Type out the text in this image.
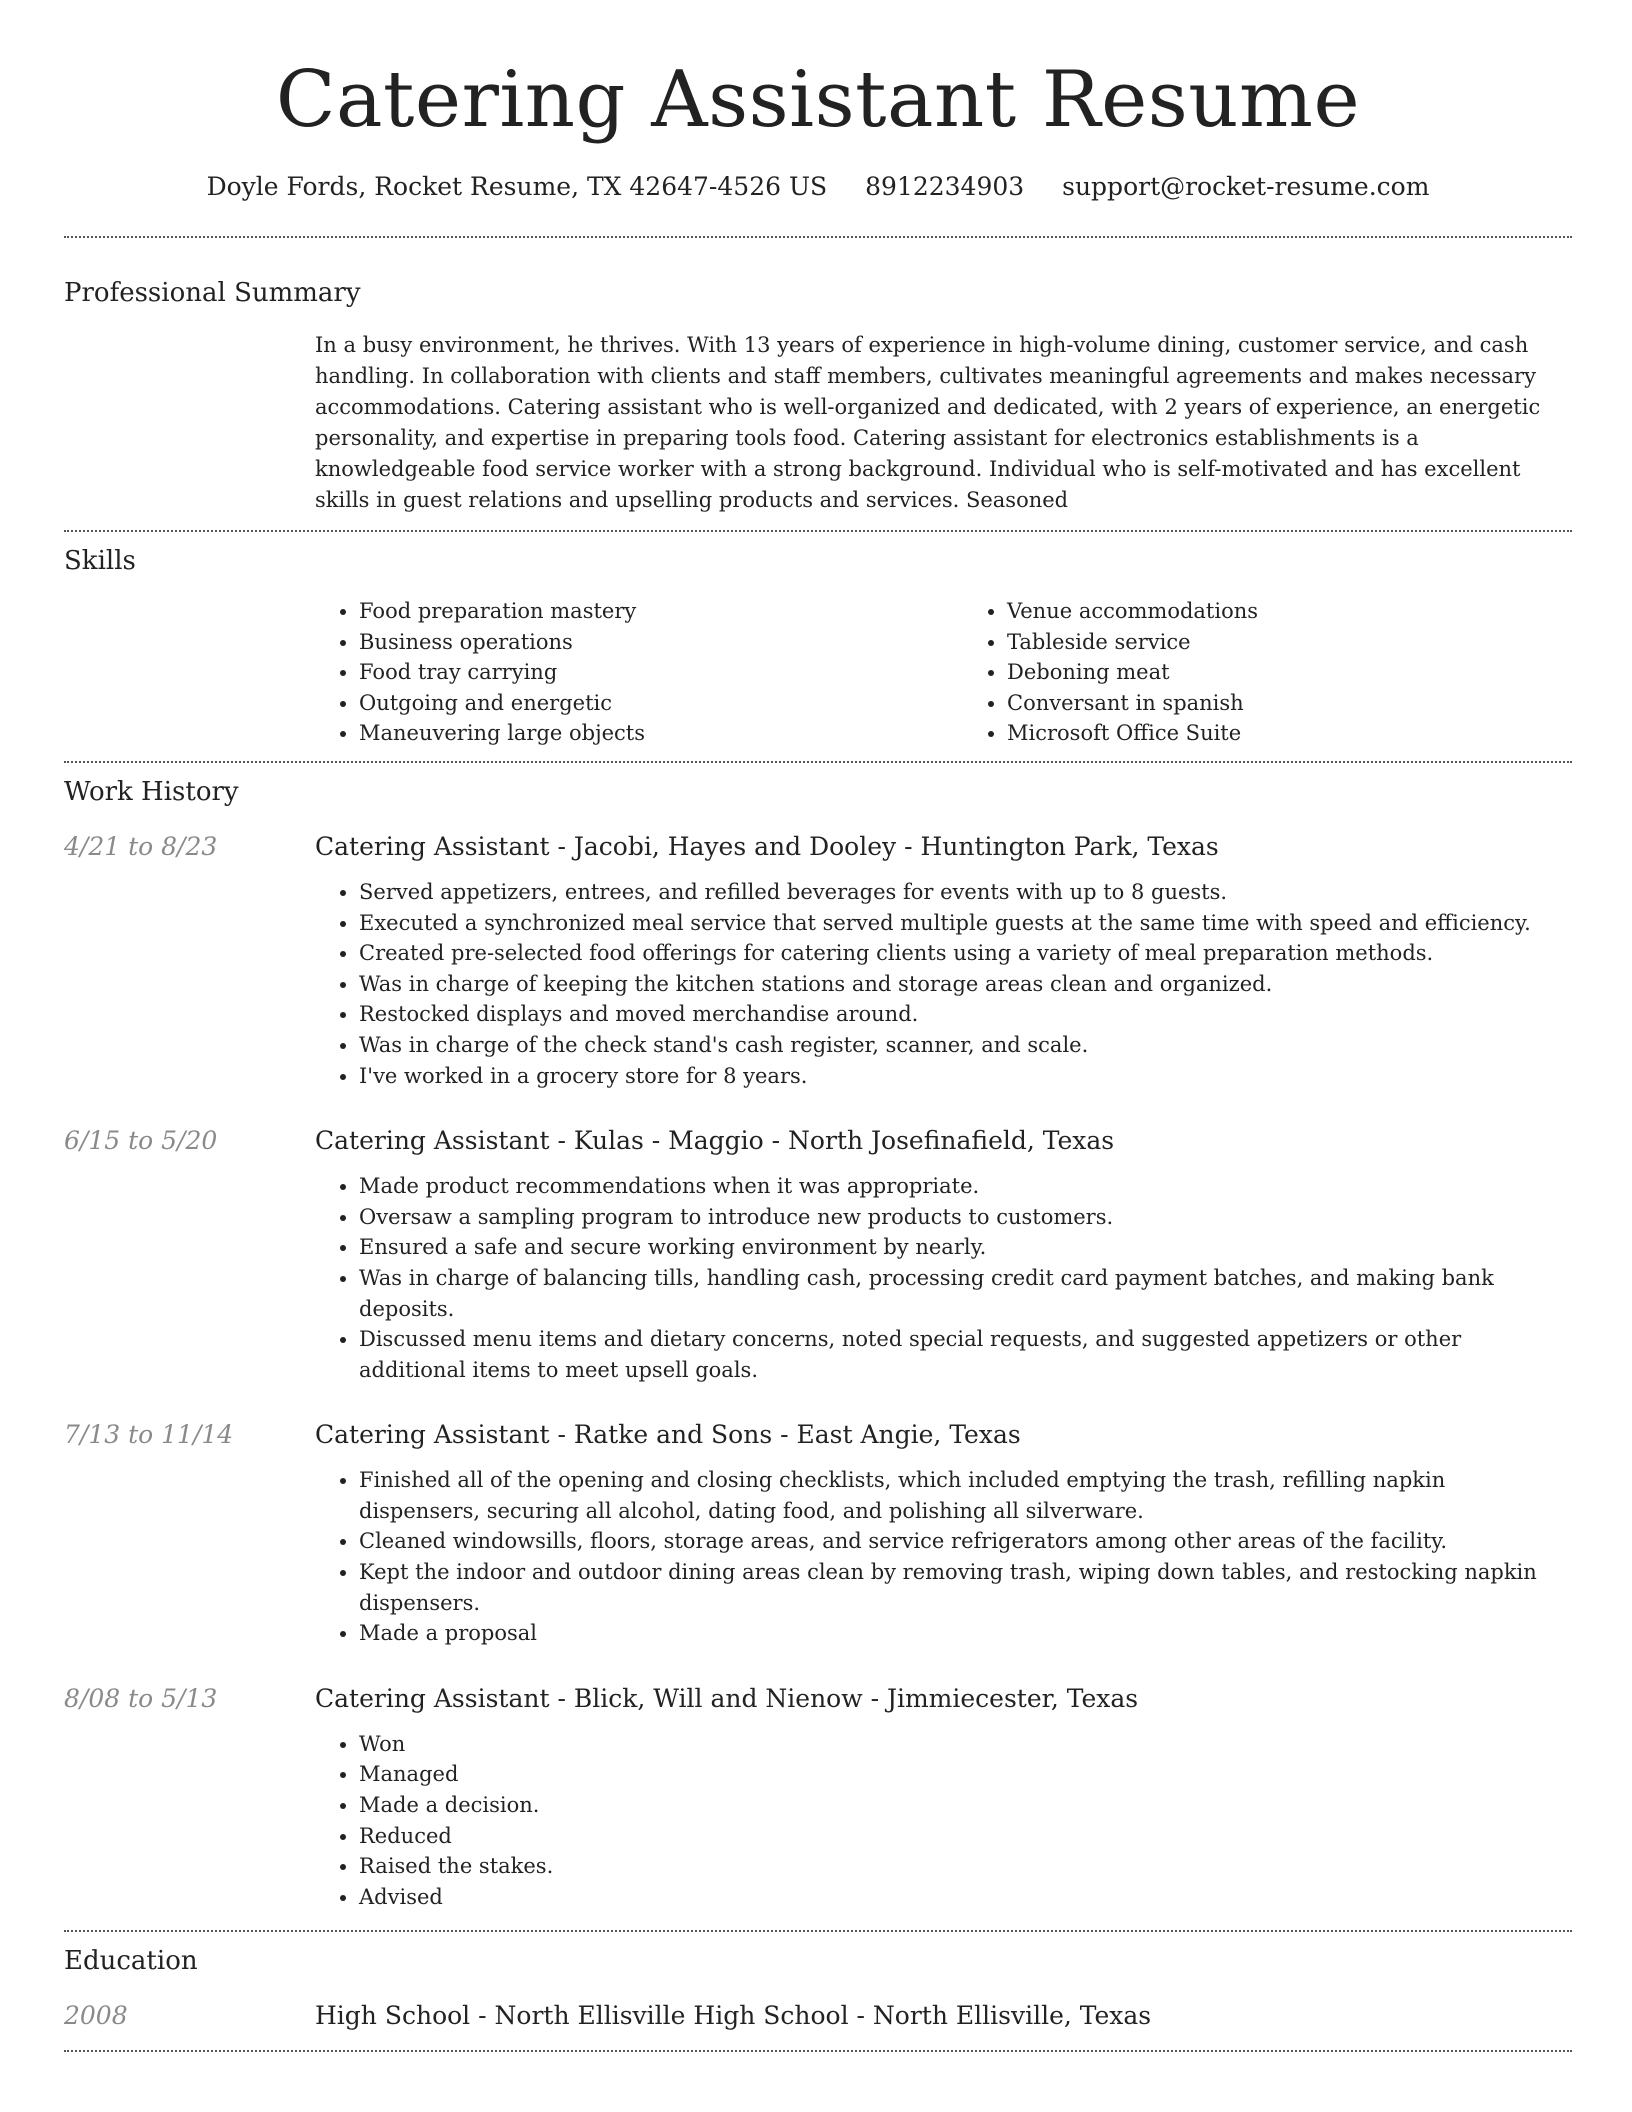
Catering Assistant Resume
Doyle Fords, Rocket Resume, TX 42647-4526 US 8912234903 support@rocket-resume.com
Professional Summary

In a busy environment, he thrives. With 13 years of experience in high-volume dining, customer service, and cash handling. In collaboration with clients and staff members, cultivates meaningful agreements and makes necessary accommodations. Catering assistant who is well-organized and dedicated, with 2 years of experience, an energetic personality, and expertise in preparing tools food. Catering assistant for electronics establishments is a knowledgeable food service worker with a strong background. Individual who is self-motivated and has excellent skills in guest relations and upselling products and services. Seasoned

Skills
• Food preparation mastery
• Business operations
• Food tray carrying
• Outgoing and energetic
• Maneuvering large objects
• Venue accommodations
• Tableside service
• Deboning meat
• Conversant in spanish
• Microsoft Office Suite
Work History
4/21 to 8/23	Catering Assistant - Jacobi, Hayes and Dooley - Huntington Park, Texas
• Served appetizers, entrees, and refilled beverages for events with up to 8 guests.
• Executed a synchronized meal service that served multiple guests at the same time with speed and efficiency.
• Created pre-selected food offerings for catering clients using a variety of meal preparation methods.
• Was in charge of keeping the kitchen stations and storage areas clean and organized.
• Restocked displays and moved merchandise around.
• Was in charge of the check stand's cash register, scanner, and scale.
• I've worked in a grocery store for 8 years.
6/15 to 5/20	Catering Assistant - Kulas - Maggio - North Josefinafield, Texas
• Made product recommendations when it was appropriate.
• Oversaw a sampling program to introduce new products to customers.
• Ensured a safe and secure working environment by nearly.
• Was in charge of balancing tills, handling cash, processing credit card payment batches, and making bank deposits.
• Discussed menu items and dietary concerns, noted special requests, and suggested appetizers or other additional items to meet upsell goals.
7/13 to 11/14	Catering Assistant - Ratke and Sons - East Angie, Texas
• Finished all of the opening and closing checklists, which included emptying the trash, refilling napkin dispensers, securing all alcohol, dating food, and polishing all silverware.
• Cleaned windowsills, floors, storage areas, and service refrigerators among other areas of the facility.
• Kept the indoor and outdoor dining areas clean by removing trash, wiping down tables, and restocking napkin dispensers.
• Made a proposal
8/08 to 5/13	Catering Assistant - Blick, Will and Nienow - Jimmiecester, Texas
• Won
• Managed
• Made a decision.
• Reduced
• Raised the stakes.
• Advised
Education
2008	High School - North Ellisville High School - North Ellisville, Texas
